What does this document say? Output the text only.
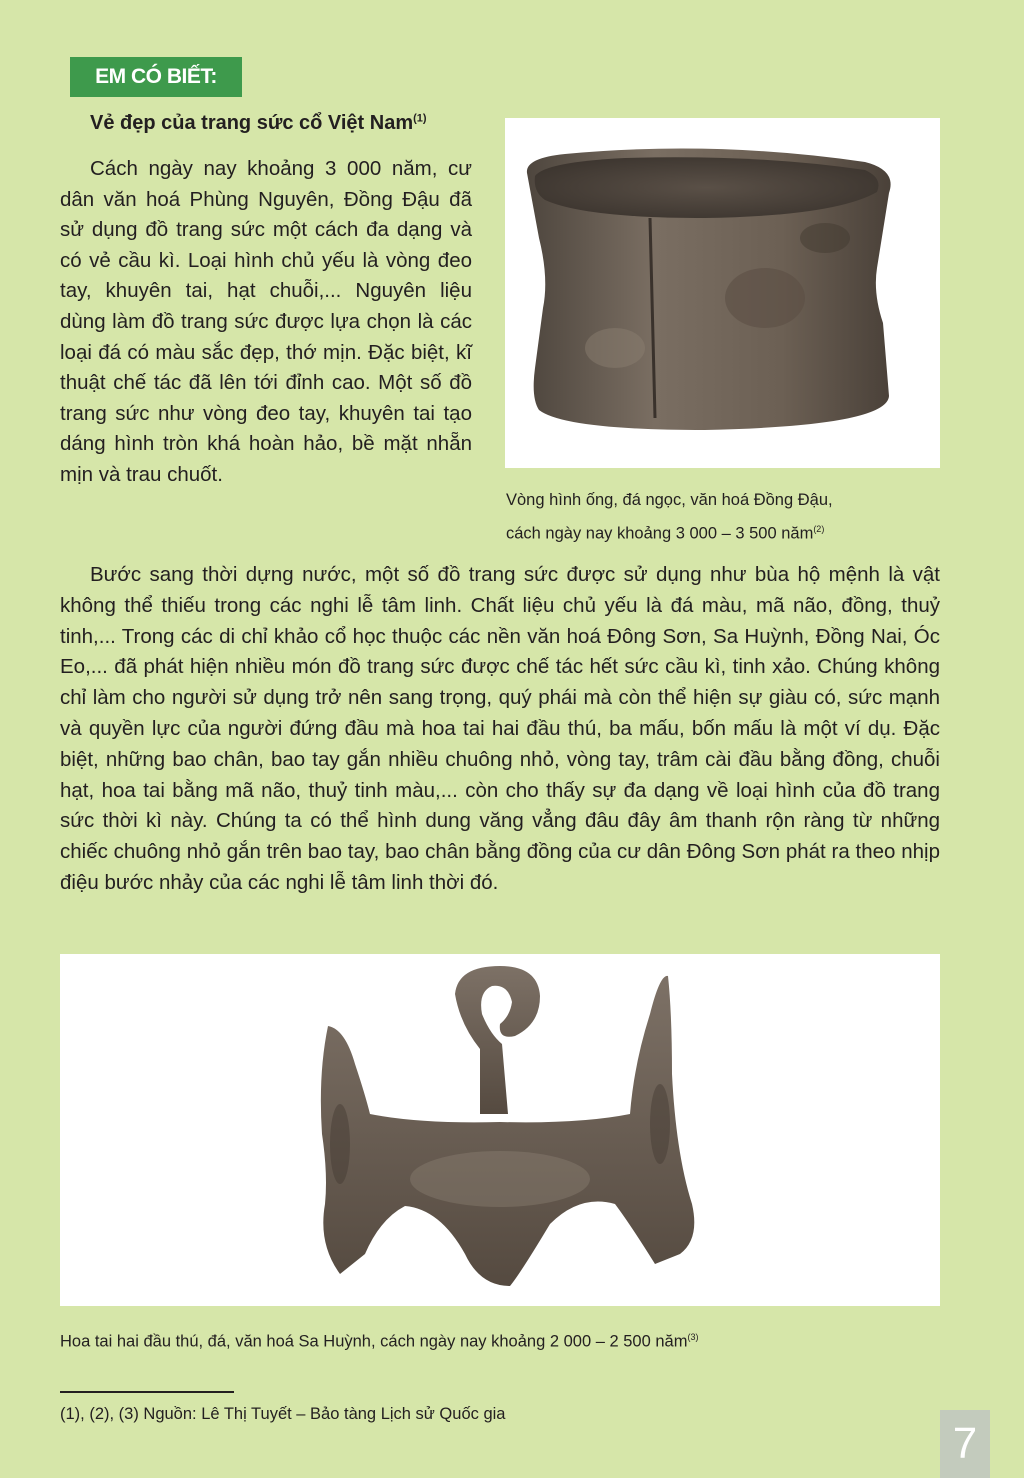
EM CÓ BIẾT:
Vẻ đẹp của trang sức cổ Việt Nam$^{(1)}$

Cách ngày nay khoảng 3 000 năm, cư dân văn hoá Phùng Nguyên, Đồng Đậu đã sử dụng đồ trang sức một cách đa dạng và có vẻ cầu kì. Loại hình chủ yếu là vòng đeo tay, khuyên tai, hạt chuỗi,... Nguyên liệu dùng làm đồ trang sức được lựa chọn là các loại đá có màu sắc đẹp, thớ mịn. Đặc biệt, kĩ thuật chế tác đã lên tới đỉnh cao. Một số đồ trang sức như vòng đeo tay, khuyên tai tạo dáng hình tròn khá hoàn hảo, bề mặt nhẵn mịn và trau chuốt.

Vòng hình ống, đá ngọc, văn hoá Đồng Đậu,
cách ngày nay khoảng 3 000 – 3 500 năm$^{(2)}$

Bước sang thời dựng nước, một số đồ trang sức được sử dụng như bùa hộ mệnh là vật không thể thiếu trong các nghi lễ tâm linh. Chất liệu chủ yếu là đá màu, mã não, đồng, thuỷ tinh,... Trong các di chỉ khảo cổ học thuộc các nền văn hoá Đông Sơn, Sa Huỳnh, Đồng Nai, Óc Eo,... đã phát hiện nhiều món đồ trang sức được chế tác hết sức cầu kì, tinh xảo. Chúng không chỉ làm cho người sử dụng trở nên sang trọng, quý phái mà còn thể hiện sự giàu có, sức mạnh và quyền lực của người đứng đầu mà hoa tai hai đầu thú, ba mấu, bốn mấu là một ví dụ. Đặc biệt, những bao chân, bao tay gắn nhiều chuông nhỏ, vòng tay, trâm cài đầu bằng đồng, chuỗi hạt, hoa tai bằng mã não, thuỷ tinh màu,... còn cho thấy sự đa dạng về loại hình của đồ trang sức thời kì này. Chúng ta có thể hình dung văng vẳng đâu đây âm thanh rộn ràng từ những chiếc chuông nhỏ gắn trên bao tay, bao chân bằng đồng của cư dân Đông Sơn phát ra theo nhịp điệu bước nhảy của các nghi lễ tâm linh thời đó.

Hoa tai hai đầu thú, đá, văn hoá Sa Huỳnh, cách ngày nay khoảng 2 000 – 2 500 năm$^{(3)}$
(1), (2), (3) Nguồn: Lê Thị Tuyết – Bảo tàng Lịch sử Quốc gia
7
